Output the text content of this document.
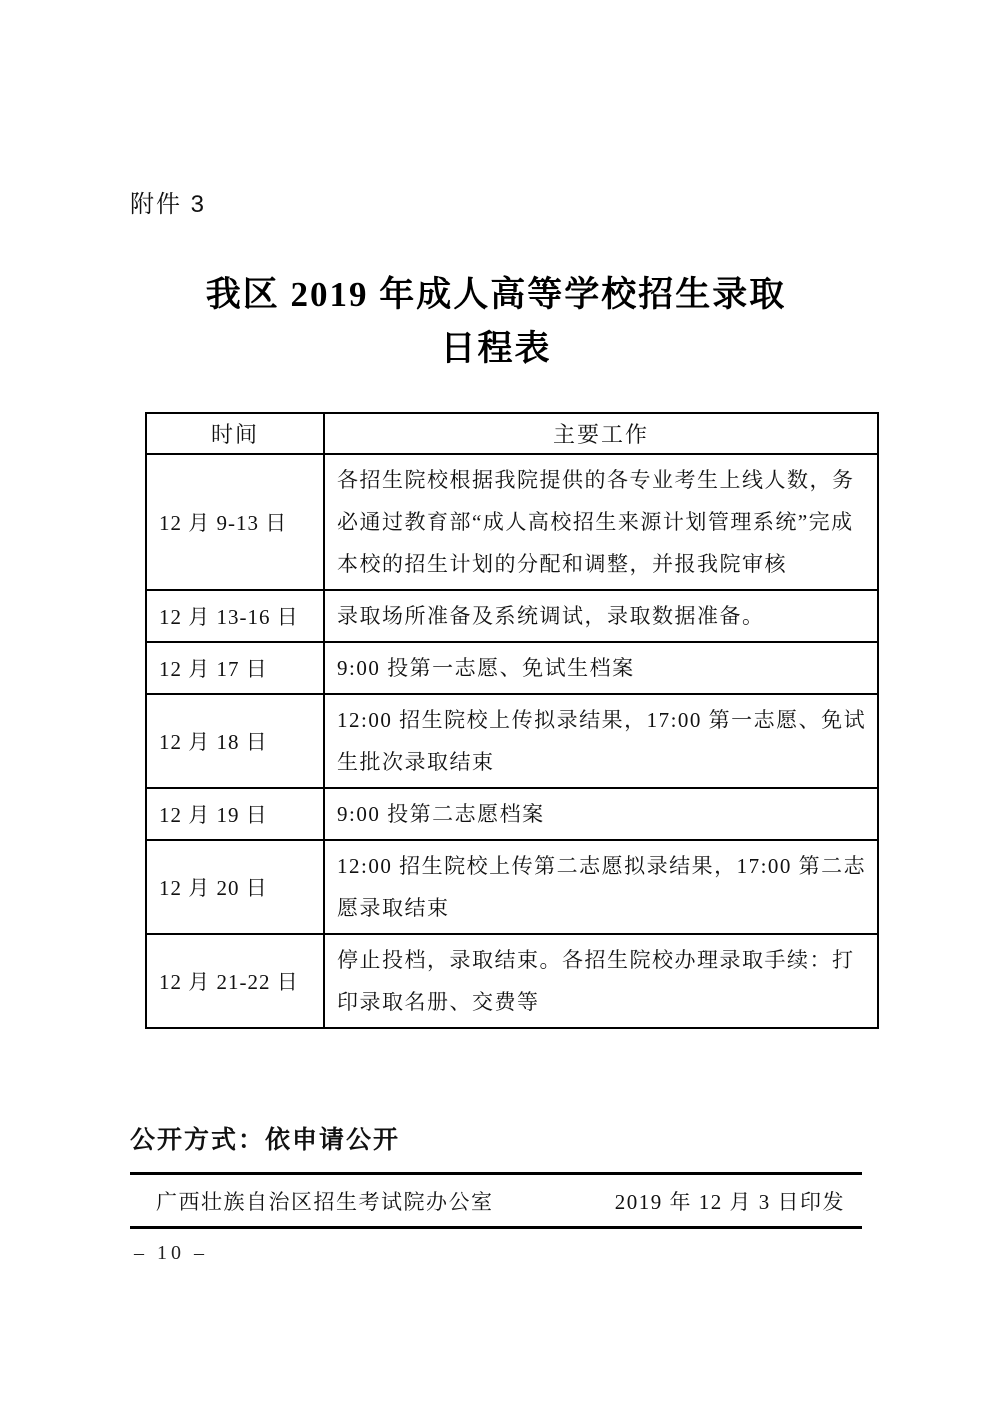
附件 3
我区 2019 年成人高等学校招生录取
日程表
时间	主要工作
12 月 9-13 日	各招生院校根据我院提供的各专业考生上线人数，务必通过教育部“成人高校招生来源计划管理系统”完成本校的招生计划的分配和调整，并报我院审核
12 月 13-16 日	录取场所准备及系统调试，录取数据准备。
12 月 17 日	9:00 投第一志愿、免试生档案
12 月 18 日	12:00 招生院校上传拟录结果，17:00 第一志愿、免试生批次录取结束
12 月 19 日	9:00 投第二志愿档案
12 月 20 日	12:00 招生院校上传第二志愿拟录结果，17:00 第二志愿录取结束
12 月 21-22 日	停止投档，录取结束。各招生院校办理录取手续：打印录取名册、交费等
公开方式：依申请公开
广西壮族自治区招生考试院办公室	2019 年 12 月 3 日印发
– 10 –
